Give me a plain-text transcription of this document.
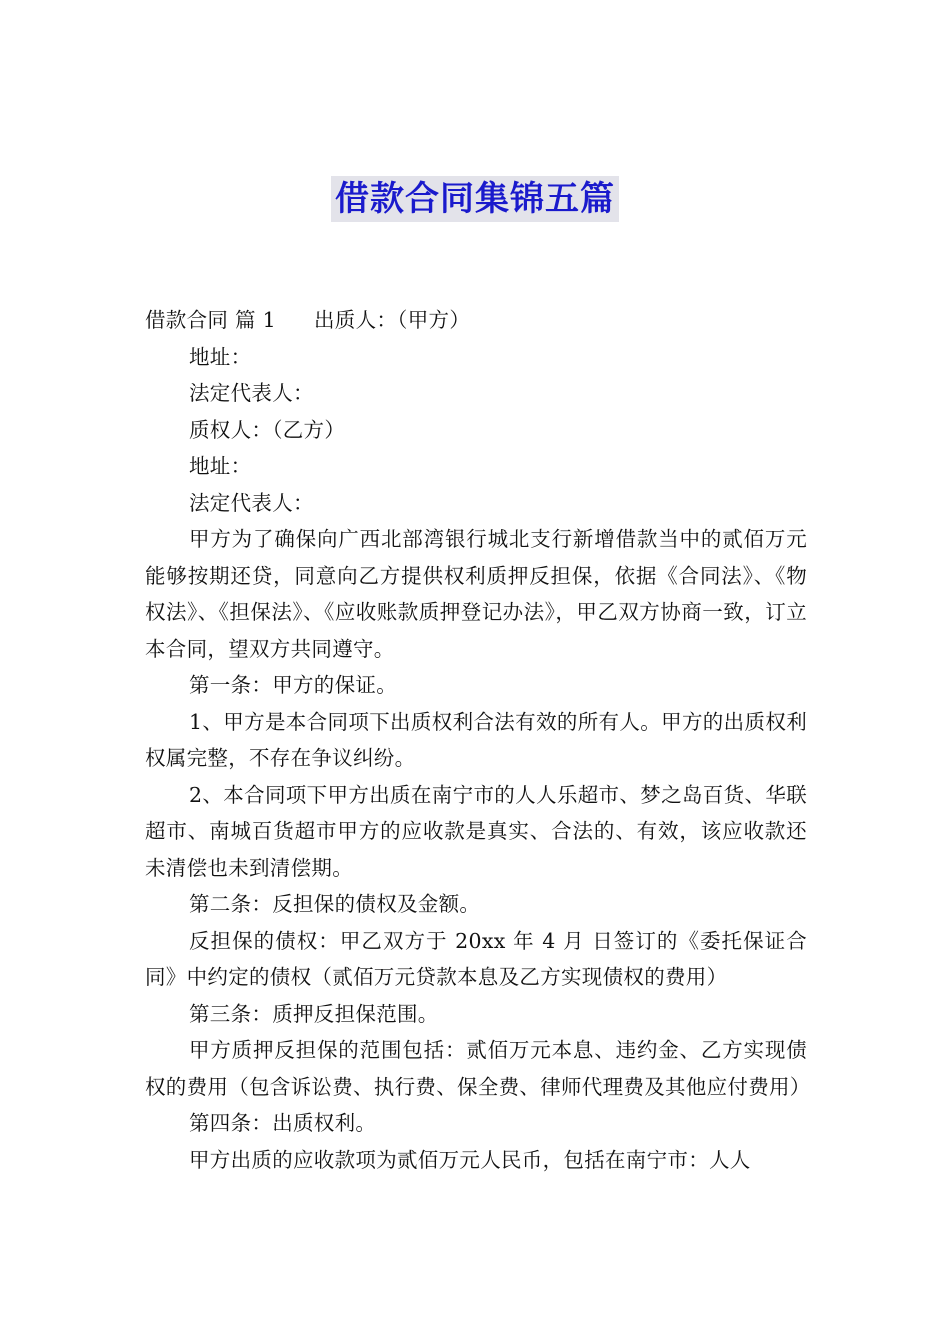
借款合同集锦五篇

借款合同 篇 1 出质人：（甲方）

地址：

法定代表人：

质权人：（乙方）

地址：

法定代表人：

甲方为了确保向广西北部湾银行城北支行新增借款当中的贰佰万元能够按期还贷，同意向乙方提供权利质押反担保，依据《合同法》、《物权法》、《担保法》、《应收账款质押登记办法》，甲乙双方协商一致，订立本合同，望双方共同遵守。

第一条：甲方的保证。

1、甲方是本合同项下出质权利合法有效的所有人。甲方的出质权利权属完整，不存在争议纠纷。

2、本合同项下甲方出质在南宁市的人人乐超市、梦之岛百货、华联超市、南城百货超市甲方的应收款是真实、合法的、有效，该应收款还未清偿也未到清偿期。

第二条：反担保的债权及金额。

反担保的债权：甲乙双方于 20xx 年 4 月 日签订的《委托保证合同》中约定的债权（贰佰万元贷款本息及乙方实现债权的费用）

第三条：质押反担保范围。

甲方质押反担保的范围包括：贰佰万元本息、违约金、乙方实现债权的费用（包含诉讼费、执行费、保全费、律师代理费及其他应付费用）

第四条：出质权利。

甲方出质的应收款项为贰佰万元人民币，包括在南宁市：人人
